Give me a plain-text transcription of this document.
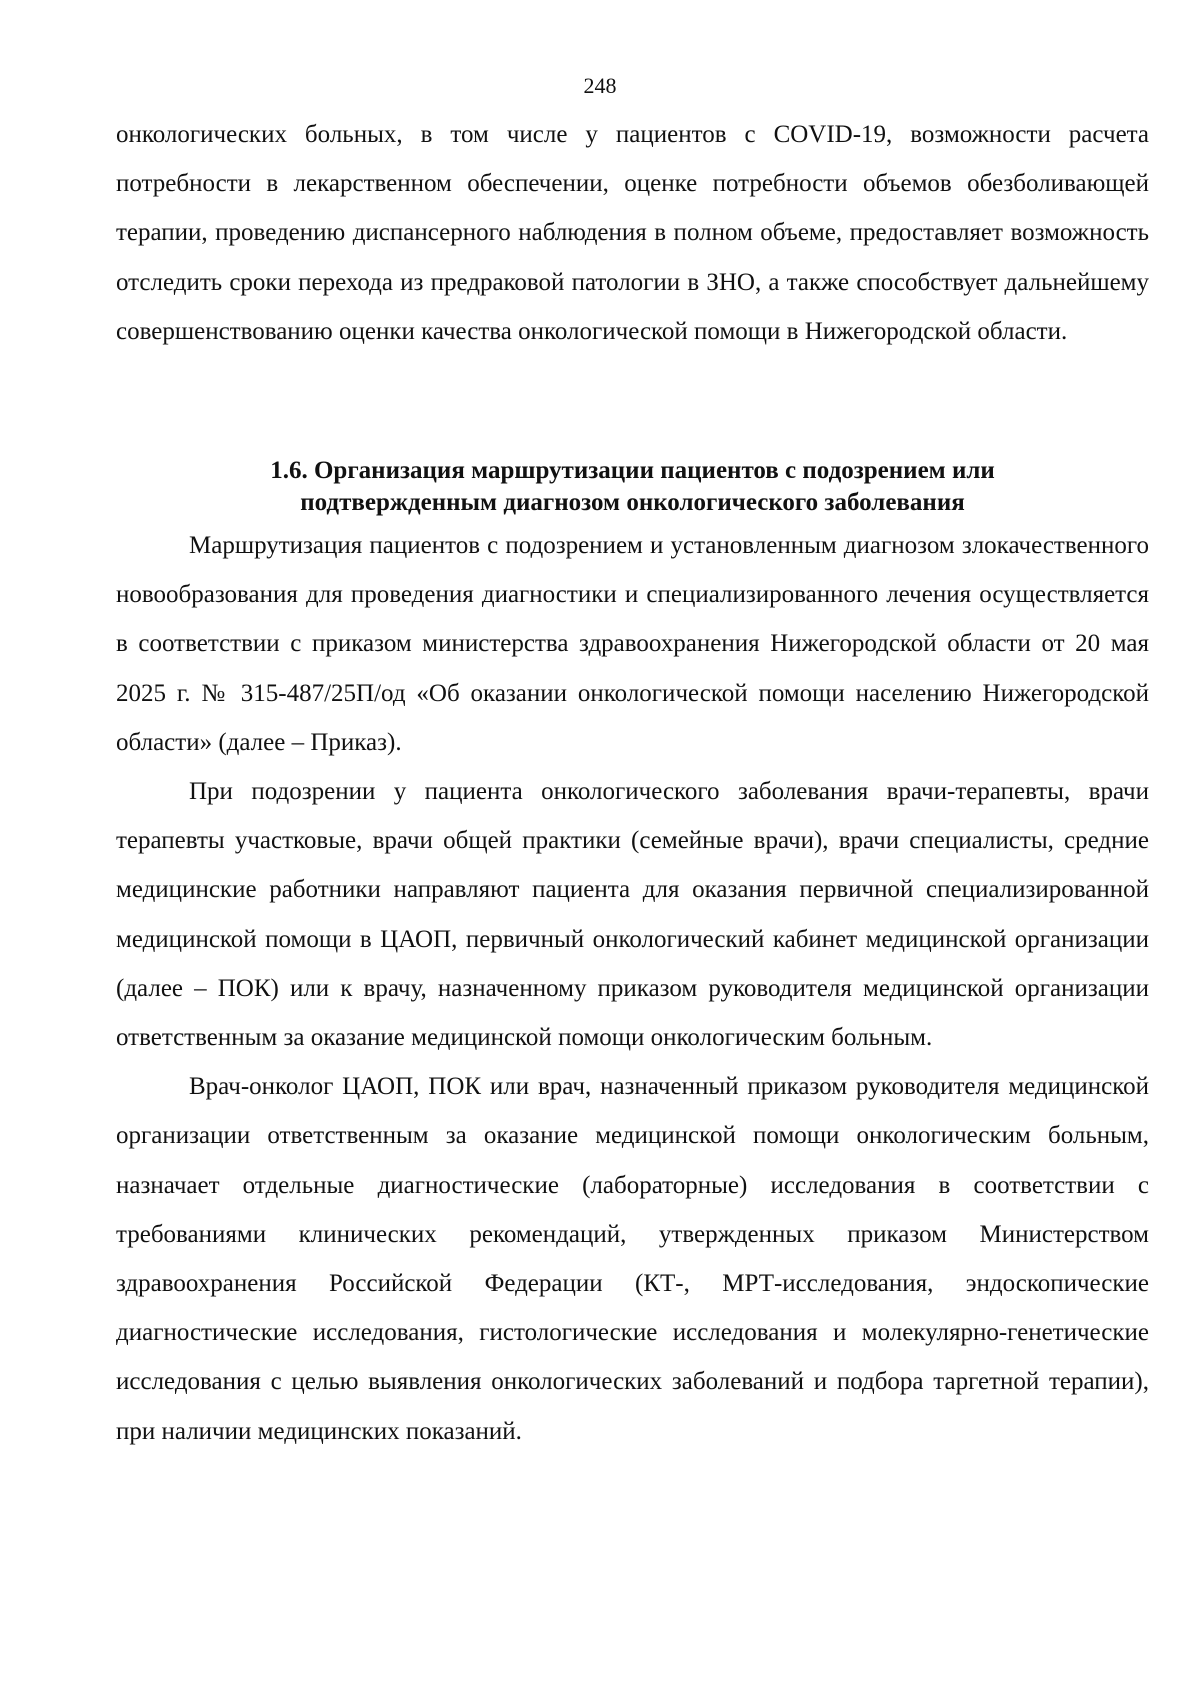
248

онкологических больных, в том числе у пациентов с COVID-19, возможности расчета потребности в лекарственном обеспечении, оценке потребности объемов обезболивающей терапии, проведению диспансерного наблюдения в полном объеме, предоставляет возможность отследить сроки перехода из предраковой патологии в ЗНО, а также способствует дальнейшему совершенствованию оценки качества онкологической помощи в Нижегородской области.

1.6. Организация маршрутизации пациентов с подозрением или
подтвержденным диагнозом онкологического заболевания

Маршрутизация пациентов с подозрением и установленным диагнозом злокачественного новообразования для проведения диагностики и специализированного лечения осуществляется в соответствии с приказом министерства здравоохранения Нижегородской области от 20 мая 2025 г. № 315-487/25П/од «Об оказании онкологической помощи населению Нижегородской области» (далее – Приказ).

При подозрении у пациента онкологического заболевания врачи-терапевты, врачи терапевты участковые, врачи общей практики (семейные врачи), врачи специалисты, средние медицинские работники направляют пациента для оказания первичной специализированной медицинской помощи в ЦАОП, первичный онкологический кабинет медицинской организации (далее – ПОК) или к врачу, назначенному приказом руководителя медицинской организации ответственным за оказание медицинской помощи онкологическим больным.

Врач-онколог ЦАОП, ПОК или врач, назначенный приказом руководителя медицинской организации ответственным за оказание медицинской помощи онкологическим больным, назначает отдельные диагностические (лабораторные) исследования в соответствии с требованиями клинических рекомендаций, утвержденных приказом Министерством здравоохранения Российской Федерации (КТ-, МРТ-исследования, эндоскопические диагностические исследования, гистологические исследования и молекулярно-генетические исследования с целью выявления онкологических заболеваний и подбора таргетной терапии), при наличии медицинских показаний.
